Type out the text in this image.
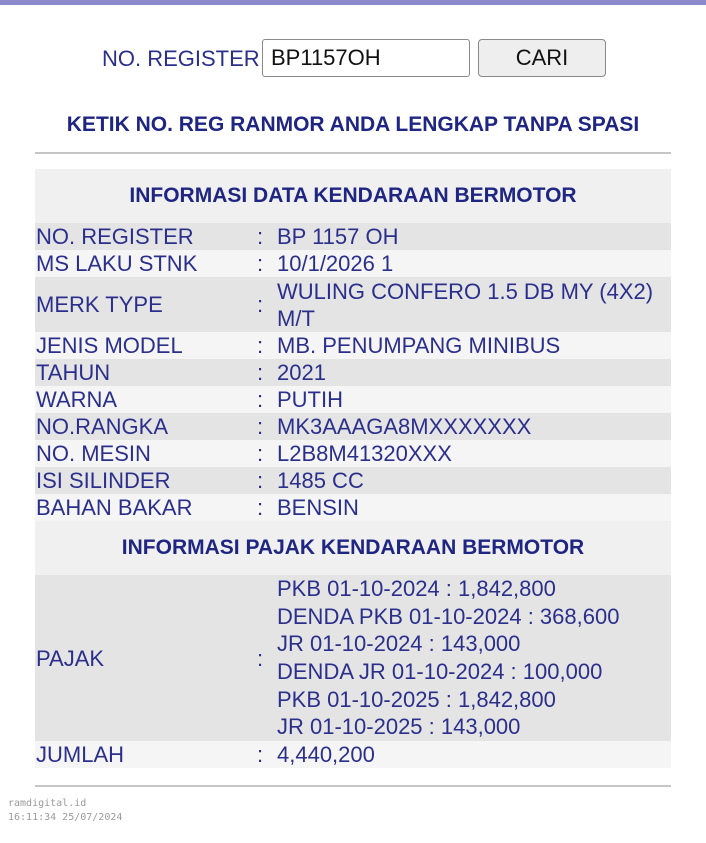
NO. REGISTER
BP1157OH	CARI
KETIK NO. REG RANMOR ANDA LENGKAP TANPA SPASI
INFORMASI DATA KENDARAAN BERMOTOR
NO. REGISTER	: BP 1157 OH
MS LAKU STNK	: 10/1/2026 1
MERK TYPE	:
WULING CONFERO 1.5 DB MY (4X2) M/T
JENIS MODEL	: MB. PENUMPANG MINIBUS
TAHUN	: 2021
WARNA	: PUTIH
NO.RANGKA	: MK3AAAGA8MXXXXXXX
NO. MESIN	: L2B8M41320XXX
ISI SILINDER	: 1485 CC
BAHAN BAKAR	: BENSIN
INFORMASI PAJAK KENDARAAN BERMOTOR
PAJAK	:
PKB 01-10-2024 : 1,842,800
DENDA PKB 01-10-2024 : 368,600
JR 01-10-2024 : 143,000
DENDA JR 01-10-2024 : 100,000
PKB 01-10-2025 : 1,842,800
JR 01-10-2025 : 143,000
JUMLAH	: 4,440,200
ramdigital.id
16:11:34 25/07/2024
